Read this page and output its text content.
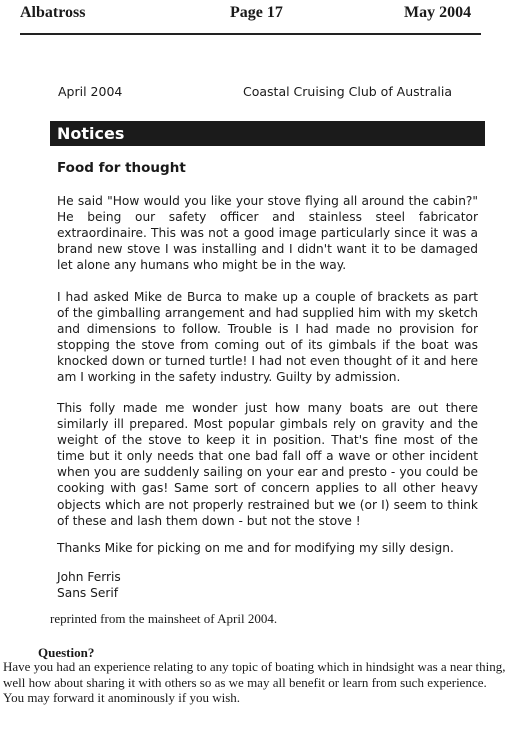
Albatross	Page 17	May 2004
April 2004	Coastal Cruising Club of Australia
Notices
Food for thought

He said "How would you like your stove flying all around the cabin?" He being our safety officer and stainless steel fabricator extraordinaire. This was not a good image particularly since it was a brand new stove I was installing and I didn't want it to be damaged let alone any humans who might be in the way.

I had asked Mike de Burca to make up a couple of brackets as part of the gimballing arrangement and had supplied him with my sketch and dimensions to follow. Trouble is I had made no provision for stopping the stove from coming out of its gimbals if the boat was knocked down or turned turtle! I had not even thought of it and here am I working in the safety industry. Guilty by admission.

This folly made me wonder just how many boats are out there similarly ill prepared. Most popular gimbals rely on gravity and the weight of the stove to keep it in position. That's fine most of the time but it only needs that one bad fall off a wave or other incident when you are suddenly sailing on your ear and presto - you could be cooking with gas! Same sort of concern applies to all other heavy objects which are not properly restrained but we (or I) seem to think of these and lash them down - but not the stove !

Thanks Mike for picking on me and for modifying my silly design.

John Ferris
Sans Serif
reprinted from the mainsheet of April 2004.
Question?

Have you had an experience relating to any topic of boating which in hindsight was a near thing, well how about sharing it with others so as we may all benefit or learn from such experience.

You may forward it anominously if you wish.
